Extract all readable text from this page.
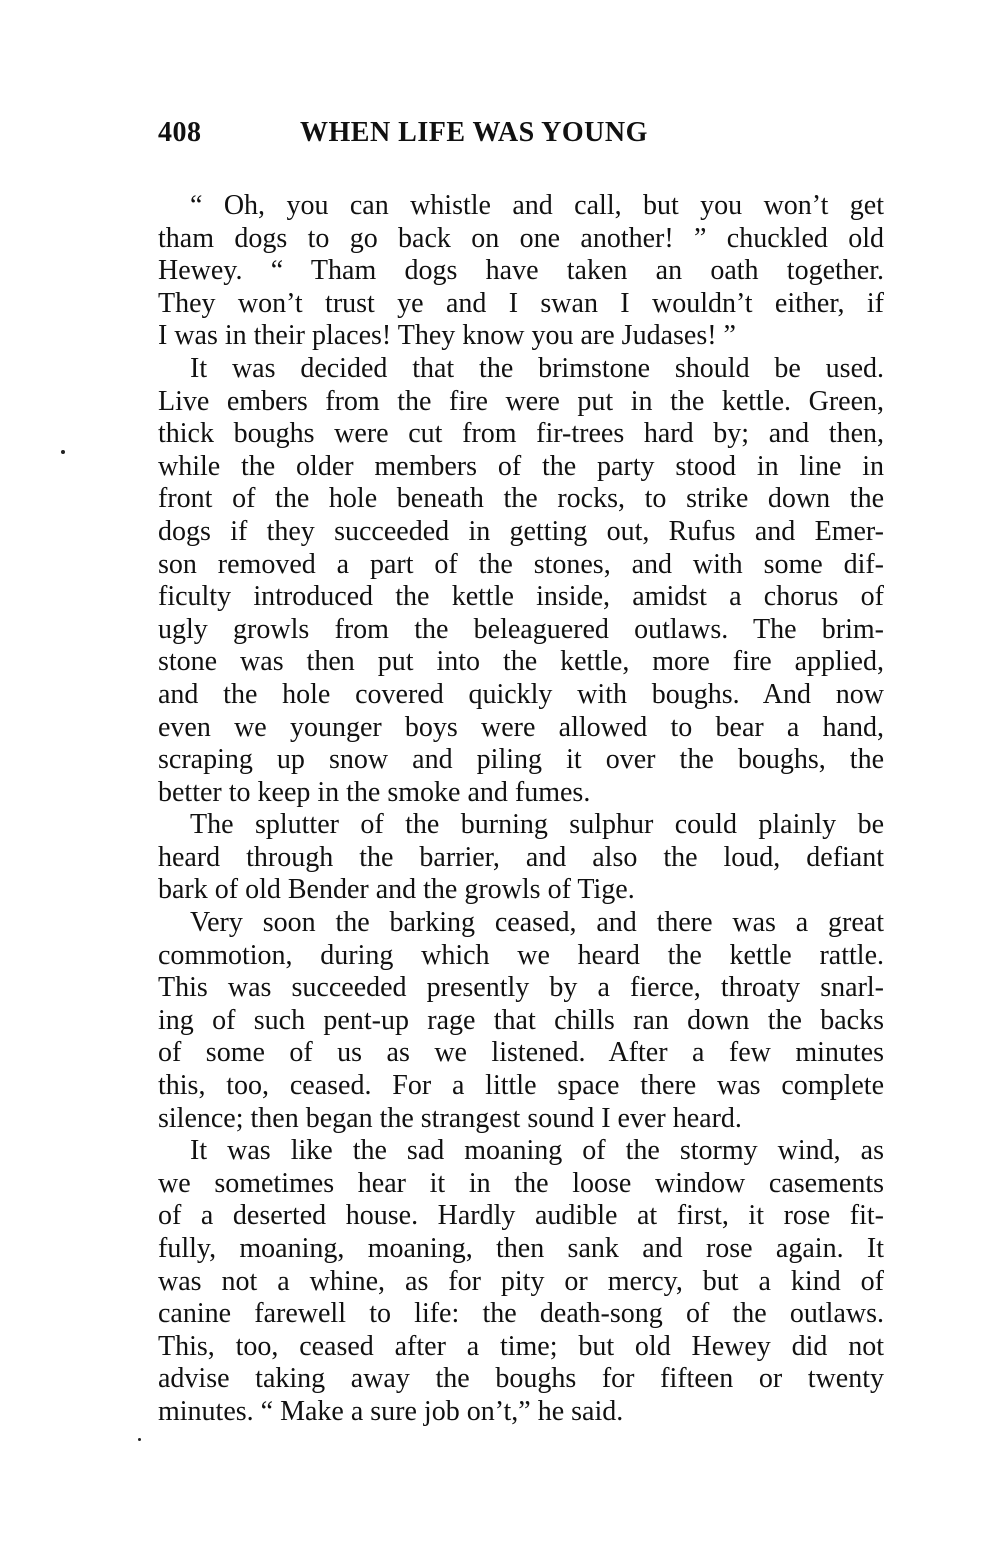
408	WHEN LIFE WAS YOUNG
“ Oh, you can whistle and call, but you won’t get
tham dogs to go back on one another! ” chuckled old
Hewey. “ Tham dogs have taken an oath together.
They won’t trust ye and I swan I wouldn’t either, if
I was in their places! They know you are Judases! ”
It was decided that the brimstone should be used.
Live embers from the fire were put in the kettle. Green,
thick boughs were cut from fir-trees hard by; and then,
while the older members of the party stood in line in
front of the hole beneath the rocks, to strike down the
dogs if they succeeded in getting out, Rufus and Emer-
son removed a part of the stones, and with some dif-
ficulty introduced the kettle inside, amidst a chorus of
ugly growls from the beleaguered outlaws. The brim-
stone was then put into the kettle, more fire applied,
and the hole covered quickly with boughs. And now
even we younger boys were allowed to bear a hand,
scraping up snow and piling it over the boughs, the
better to keep in the smoke and fumes.
The splutter of the burning sulphur could plainly be
heard through the barrier, and also the loud, defiant
bark of old Bender and the growls of Tige.
Very soon the barking ceased, and there was a great
commotion, during which we heard the kettle rattle.
This was succeeded presently by a fierce, throaty snarl-
ing of such pent-up rage that chills ran down the backs
of some of us as we listened. After a few minutes
this, too, ceased. For a little space there was complete
silence; then began the strangest sound I ever heard.
It was like the sad moaning of the stormy wind, as
we sometimes hear it in the loose window casements
of a deserted house. Hardly audible at first, it rose fit-
fully, moaning, moaning, then sank and rose again. It
was not a whine, as for pity or mercy, but a kind of
canine farewell to life: the death-song of the outlaws.
This, too, ceased after a time; but old Hewey did not
advise taking away the boughs for fifteen or twenty
minutes. “ Make a sure job on’t,” he said.
